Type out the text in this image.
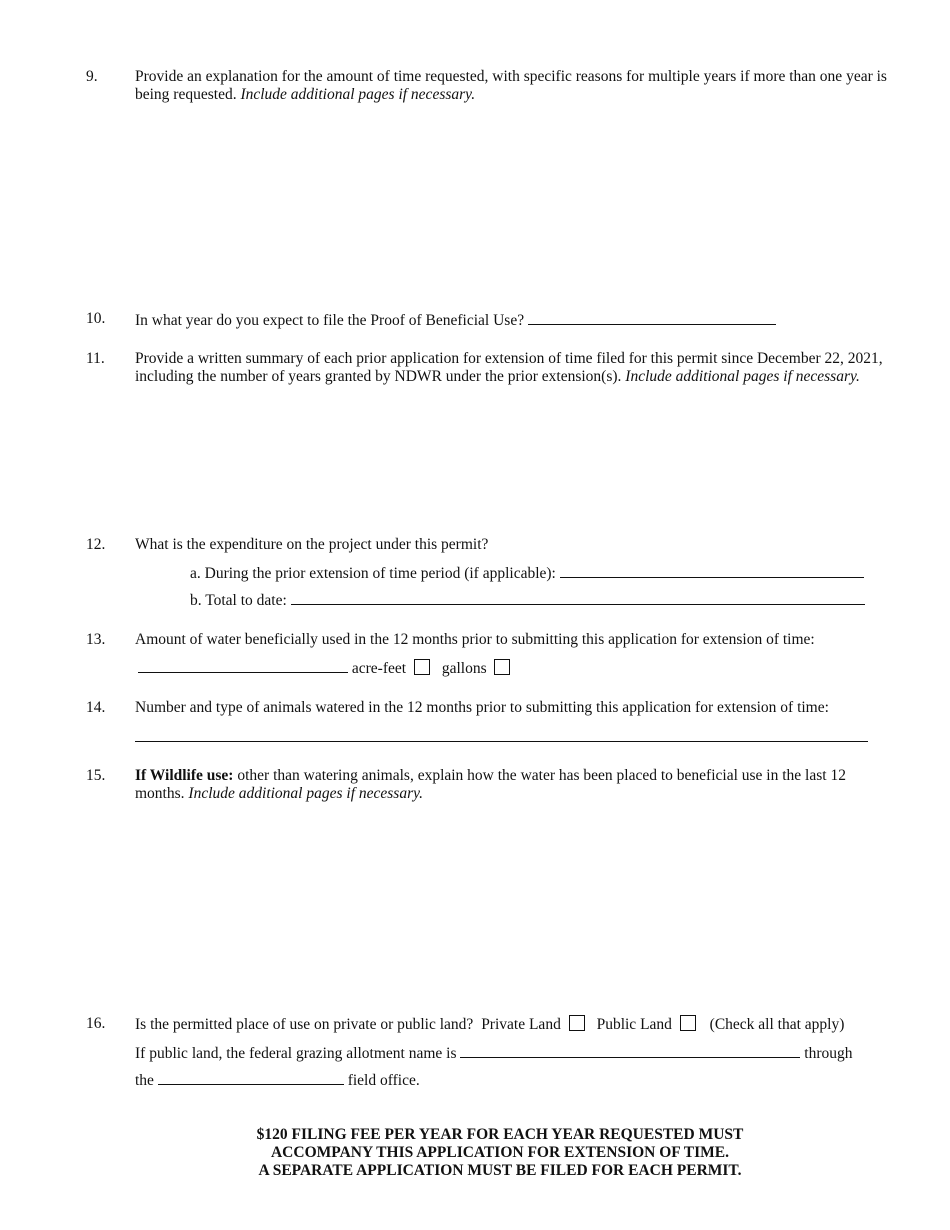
9. Provide an explanation for the amount of time requested, with specific reasons for multiple years if more than one year is being requested. Include additional pages if necessary.
10. In what year do you expect to file the Proof of Beneficial Use?
11. Provide a written summary of each prior application for extension of time filed for this permit since December 22, 2021, including the number of years granted by NDWR under the prior extension(s). Include additional pages if necessary.
12. What is the expenditure on the project under this permit?
a. During the prior extension of time period (if applicable):
b. Total to date:
13. Amount of water beneficially used in the 12 months prior to submitting this application for extension of time:
acre-feet gallons
14. Number and type of animals watered in the 12 months prior to submitting this application for extension of time:
15. If Wildlife use: other than watering animals, explain how the water has been placed to beneficial use in the last 12 months. Include additional pages if necessary.
16. Is the permitted place of use on private or public land? Private Land Public Land (Check all that apply)
If public land, the federal grazing allotment name is	through
the	field office.
$120 FILING FEE PER YEAR FOR EACH YEAR REQUESTED MUST
ACCOMPANY THIS APPLICATION FOR EXTENSION OF TIME.
A SEPARATE APPLICATION MUST BE FILED FOR EACH PERMIT.
